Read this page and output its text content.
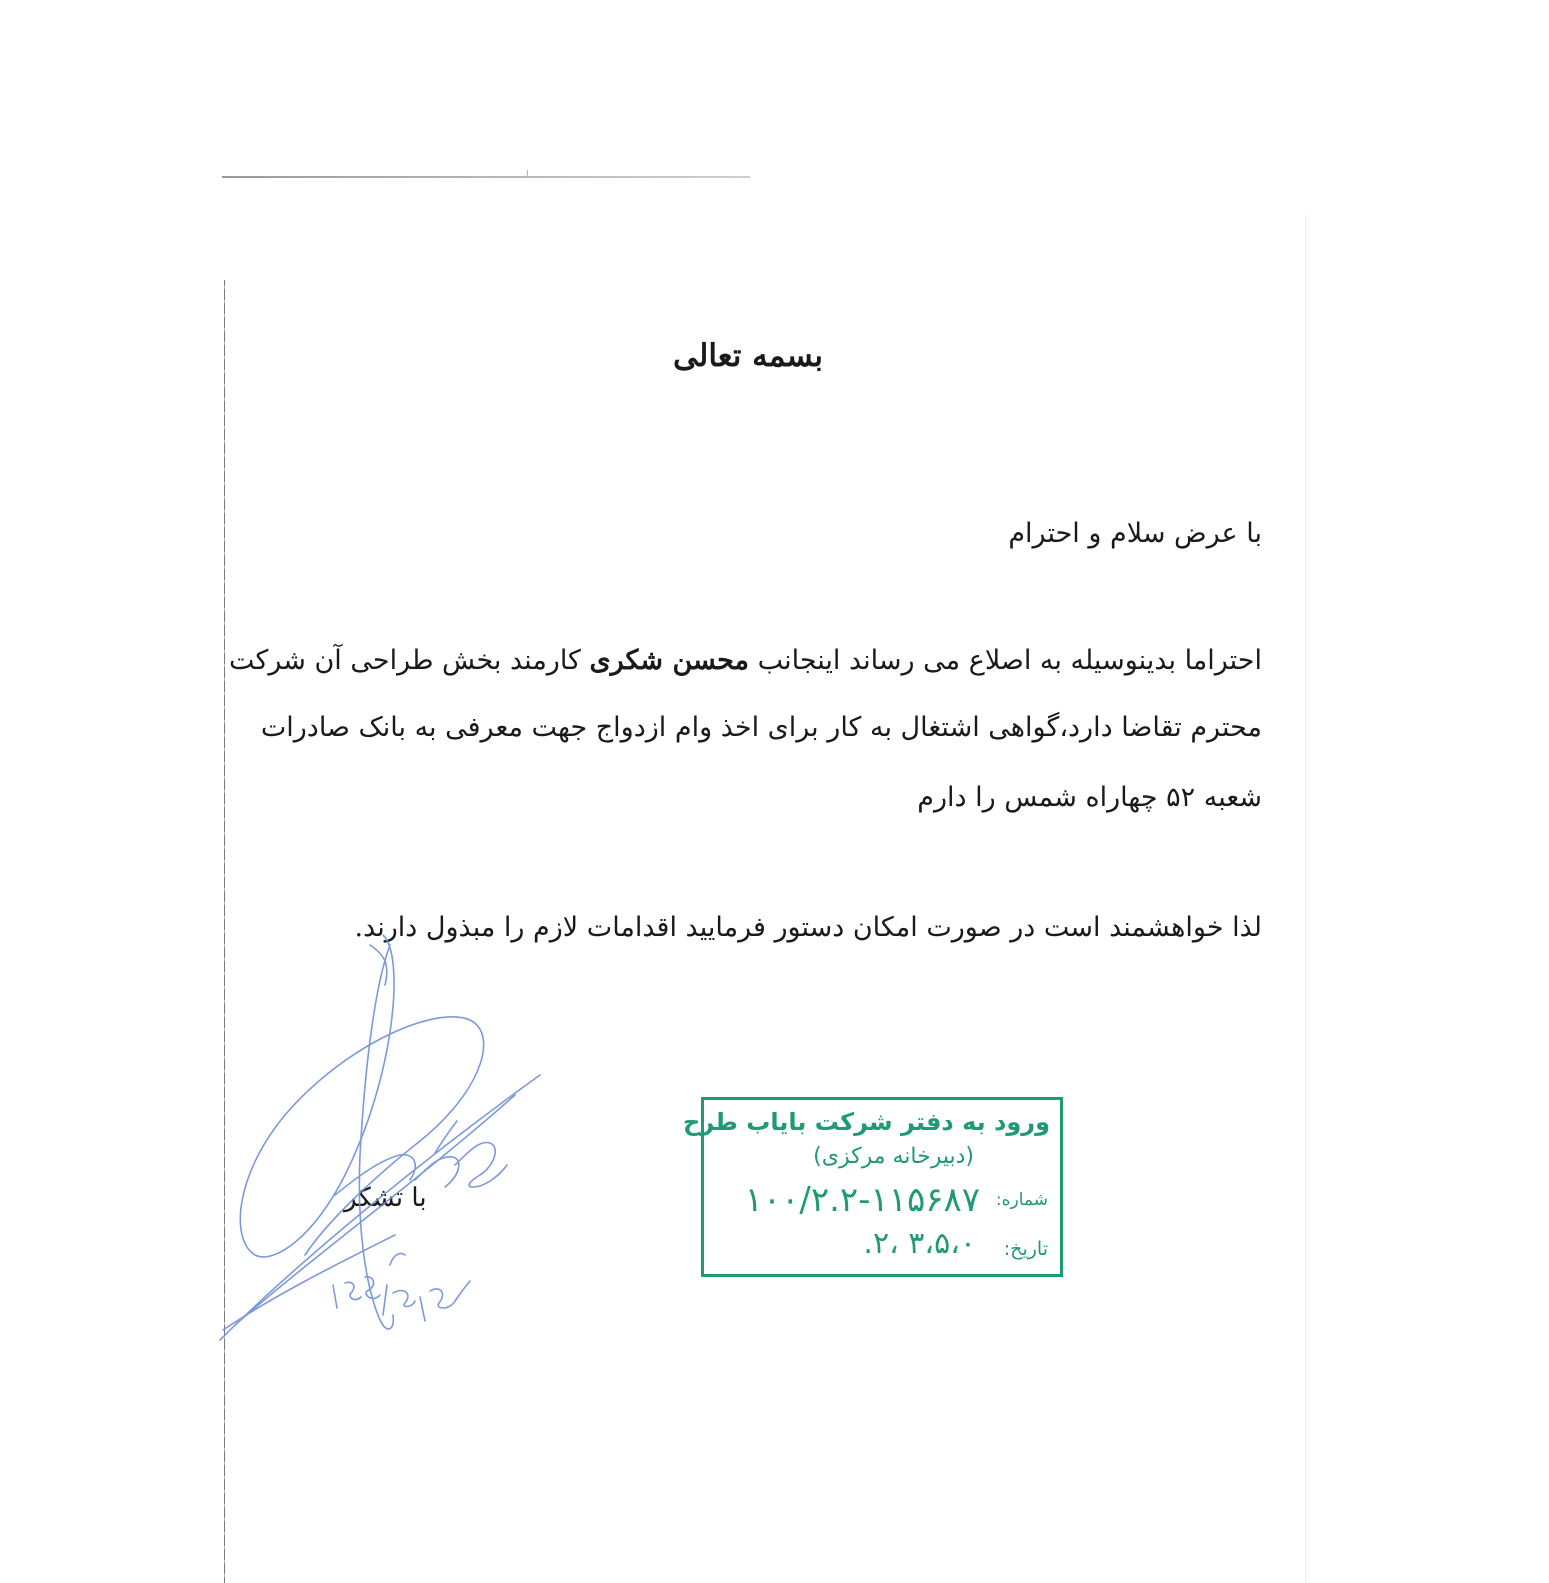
بسمه تعالی
با عرض سلام و احترام
احتراما بدینوسیله به اصلاع می رساند اینجانب محسن شکری کارمند بخش طراحی آن شرکت
محترم تقاضا دارد،گواهی اشتغال به کار برای اخذ وام ازدواج جهت معرفی به بانک صادرات
شعبه ۵۲ چهاراه شمس را دارم
لذا خواهشمند است در صورت امکان دستور فرمایید اقدامات لازم را مبذول دارند.
با تشکر
ورود به دفتر شرکت بایاب طرح
(دبیرخانه مرکزی)
شماره:
۱۰۰/۲.۲-۱۱۵۶۸۷
تاریخ:
۳،۵،۰ ،۲.
